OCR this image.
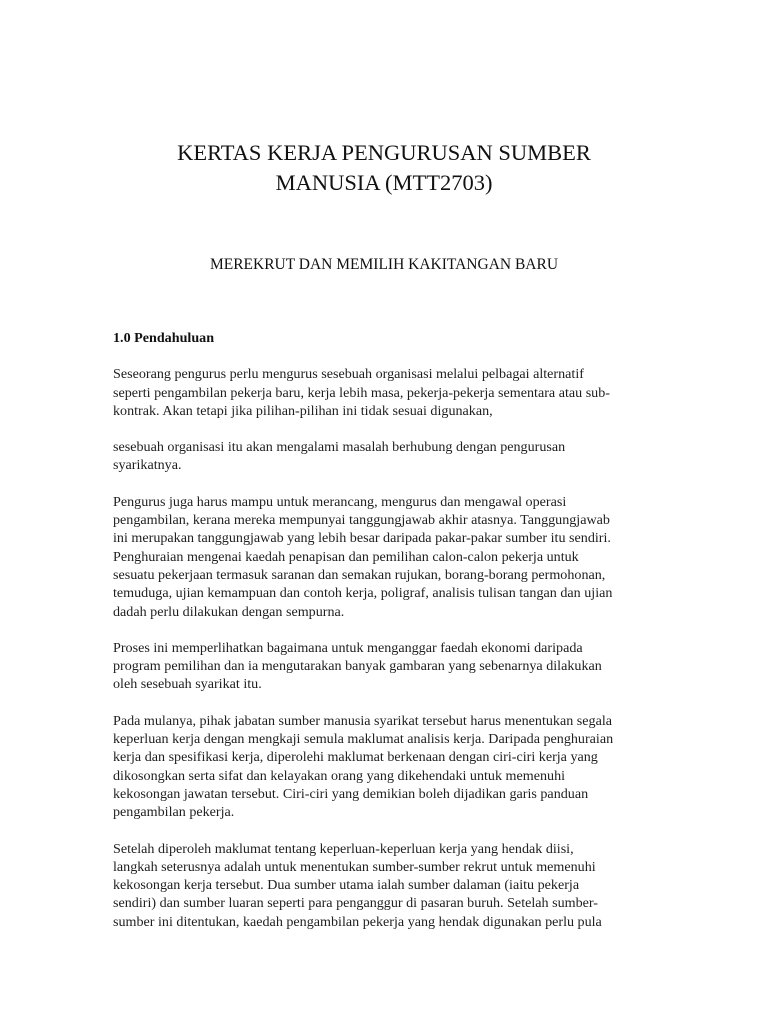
KERTAS KERJA PENGURUSAN SUMBER
MANUSIA (MTT2703)
MEREKRUT DAN MEMILIH KAKITANGAN BARU

1.0 Pendahuluan

Seseorang pengurus perlu mengurus sesebuah organisasi melalui pelbagai alternatif
seperti pengambilan pekerja baru, kerja lebih masa, pekerja-pekerja sementara atau sub-
kontrak. Akan tetapi jika pilihan-pilihan ini tidak sesuai digunakan,

sesebuah organisasi itu akan mengalami masalah berhubung dengan pengurusan
syarikatnya.

Pengurus juga harus mampu untuk merancang, mengurus dan mengawal operasi
pengambilan, kerana mereka mempunyai tanggungjawab akhir atasnya. Tanggungjawab
ini merupakan tanggungjawab yang lebih besar daripada pakar-pakar sumber itu sendiri.
Penghuraian mengenai kaedah penapisan dan pemilihan calon-calon pekerja untuk
sesuatu pekerjaan termasuk saranan dan semakan rujukan, borang-borang permohonan,
temuduga, ujian kemampuan dan contoh kerja, poligraf, analisis tulisan tangan dan ujian
dadah perlu dilakukan dengan sempurna.

Proses ini memperlihatkan bagaimana untuk menganggar faedah ekonomi daripada
program pemilihan dan ia mengutarakan banyak gambaran yang sebenarnya dilakukan
oleh sesebuah syarikat itu.

Pada mulanya, pihak jabatan sumber manusia syarikat tersebut harus menentukan segala
keperluan kerja dengan mengkaji semula maklumat analisis kerja. Daripada penghuraian
kerja dan spesifikasi kerja, diperolehi maklumat berkenaan dengan ciri-ciri kerja yang
dikosongkan serta sifat dan kelayakan orang yang dikehendaki untuk memenuhi
kekosongan jawatan tersebut. Ciri-ciri yang demikian boleh dijadikan garis panduan
pengambilan pekerja.

Setelah diperoleh maklumat tentang keperluan-keperluan kerja yang hendak diisi,
langkah seterusnya adalah untuk menentukan sumber-sumber rekrut untuk memenuhi
kekosongan kerja tersebut. Dua sumber utama ialah sumber dalaman (iaitu pekerja
sendiri) dan sumber luaran seperti para penganggur di pasaran buruh. Setelah sumber-
sumber ini ditentukan, kaedah pengambilan pekerja yang hendak digunakan perlu pula
